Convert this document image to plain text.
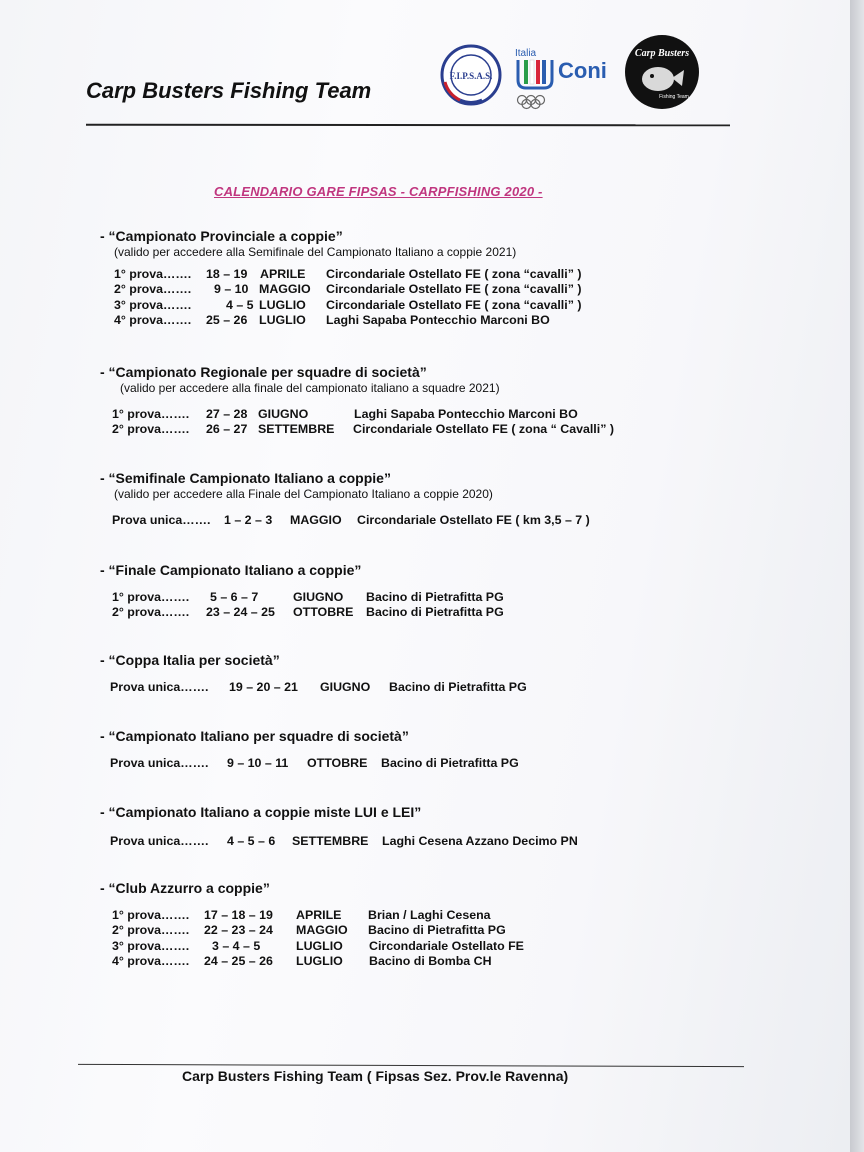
Carp Busters Fishing Team
F.I.P.S.A.S.
Italia
Coni
Carp Busters
Fishing Team
CALENDARIO GARE FIPSAS - CARPFISHING 2020 -

- “Campionato Provinciale a coppie”

(valido per accedere alla Semifinale del Campionato Italiano a coppie 2021)

1° prova……. 18 – 19 APRILE Circondariale Ostellato FE ( zona “cavalli” )
2° prova……. 9 – 10 MAGGIO Circondariale Ostellato FE ( zona “cavalli” )
3° prova…….	4 – 5 LUGLIO Circondariale Ostellato FE ( zona “cavalli” )
4° prova……. 25 – 26 LUGLIO Laghi Sapaba Pontecchio Marconi BO

- “Campionato Regionale per squadre di società”

(valido per accedere alla finale del campionato italiano a squadre 2021)

1° prova……. 27 – 28 GIUGNO	Laghi Sapaba Pontecchio Marconi BO
2° prova……. 26 – 27 SETTEMBRE Circondariale Ostellato FE ( zona “ Cavalli” )

- “Semifinale Campionato Italiano a coppie”

(valido per accedere alla Finale del Campionato Italiano a coppie 2020)

Prova unica……. 1 – 2 – 3 MAGGIO Circondariale Ostellato FE ( km 3,5 – 7 )

- “Finale Campionato Italiano a coppie”

1° prova……. 5 – 6 – 7	GIUGNO Bacino di Pietrafitta PG
2° prova……. 23 – 24 – 25 OTTOBRE Bacino di Pietrafitta PG

- “Coppa Italia per società”

Prova unica……. 19 – 20 – 21 GIUGNO Bacino di Pietrafitta PG

- “Campionato Italiano per squadre di società”

Prova unica……. 9 – 10 – 11 OTTOBRE Bacino di Pietrafitta PG

- “Campionato Italiano a coppie miste LUI e LEI”

Prova unica……. 4 – 5 – 6 SETTEMBRE Laghi Cesena Azzano Decimo PN

- “Club Azzurro a coppie”

1° prova……. 17 – 18 – 19 APRILE Brian / Laghi Cesena
2° prova……. 22 – 23 – 24 MAGGIO Bacino di Pietrafitta PG
3° prova……. 3 – 4 – 5	LUGLIO Circondariale Ostellato FE
4° prova……. 24 – 25 – 26 LUGLIO Bacino di Bomba CH

Carp Busters Fishing Team ( Fipsas Sez. Prov.le Ravenna)
